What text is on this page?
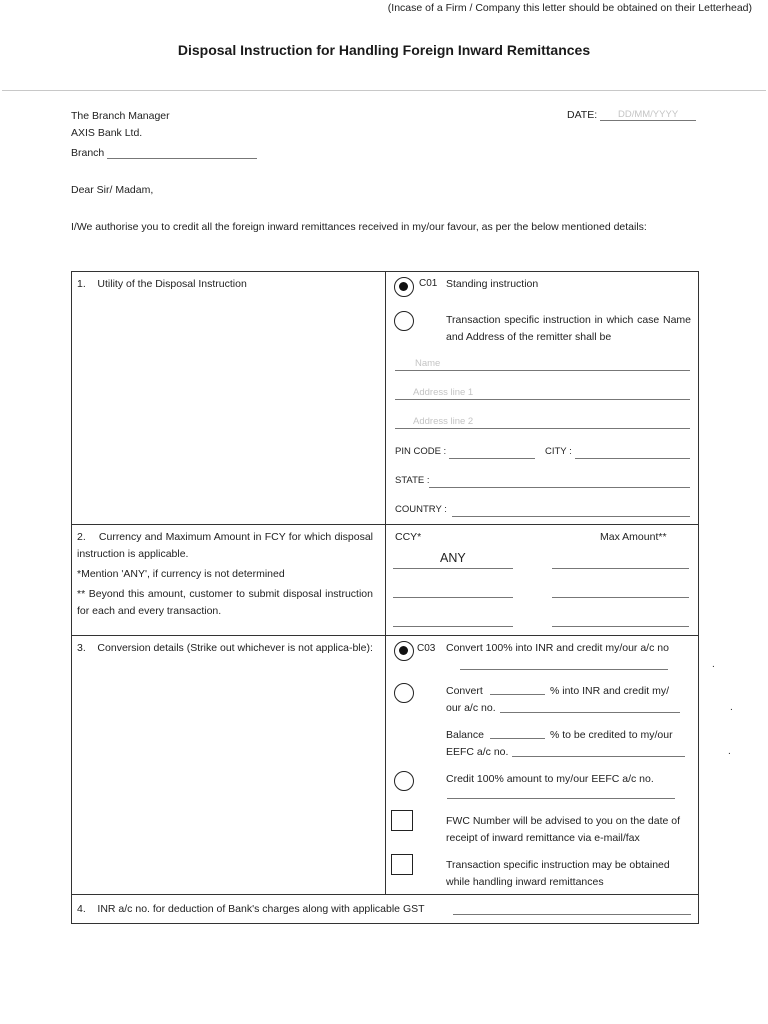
(Incase of a Firm / Company this letter should be obtained on their Letterhead)
Disposal Instruction for Handling Foreign Inward Remittances
The Branch Manager
AXIS Bank Ltd.
Branch
DATE: DD/MM/YYYY
Dear Sir/ Madam,
I/We authorise you to credit all the foreign inward remittances received in my/our favour, as per the below mentioned details:
1.    Utility of the Disposal Instruction	C01 Standing instruction
Transaction specific instruction in which case Name and Address of the remitter shall be
Name
Address line 1
Address line 2
PIN CODE :	CITY :
STATE :
COUNTRY :
2.    Currency and Maximum Amount in FCY for which disposal instruction is applicable.
*Mention 'ANY', if currency is not determined
** Beyond this amount, customer to submit disposal instruction for each and every transaction.
CCY*	Max Amount**
ANY
3.    Conversion details (Strike out whichever is not applica-ble):	C03 Convert 100% into INR and credit my/our a/c no
.
Convert	% into INR and credit my/
our a/c no.	.
Balance	% to be credited to my/our
EEFC a/c no.	.
Credit 100% amount to my/our EEFC a/c no.
FWC Number will be advised to you on the date of receipt of inward remittance via e-mail/fax
Transaction specific instruction may be obtained while handling inward remittances
4.    INR a/c no. for deduction of Bank's charges along with applicable GST
